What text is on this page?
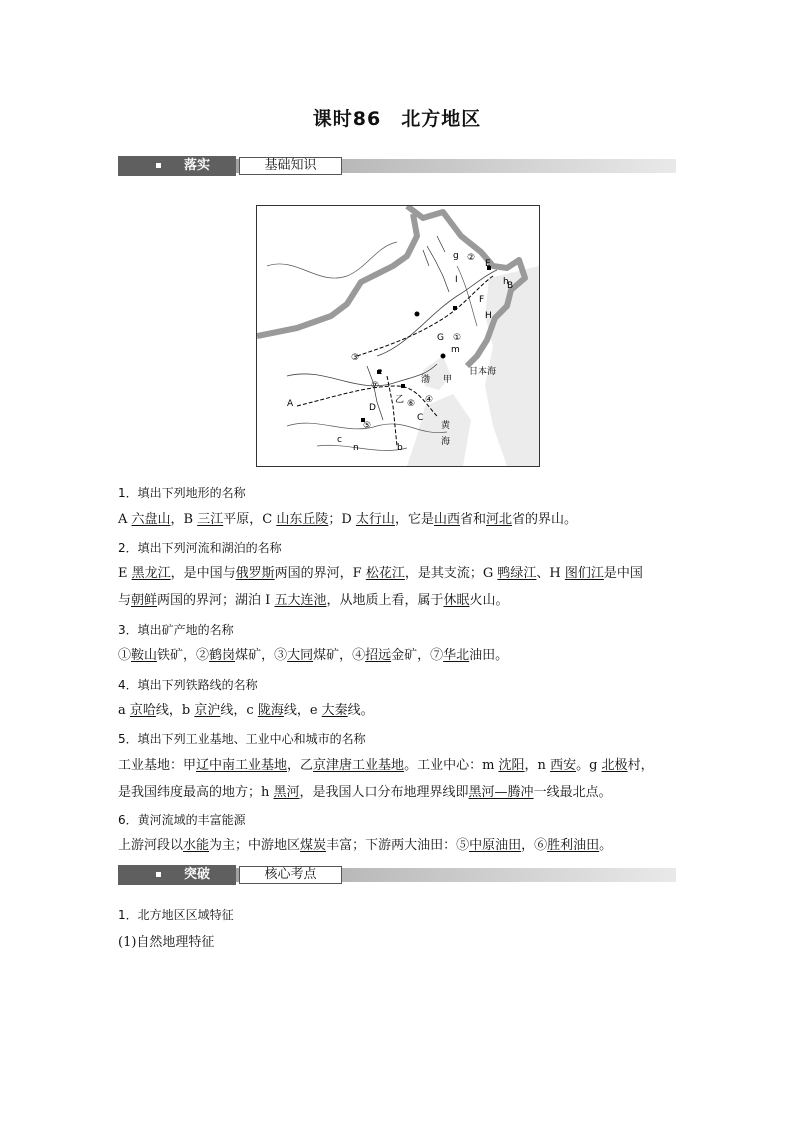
课时86　北方地区
落实	基础知识
g
E
B
F
I
H
h
G
m
甲
渤
乙
日本海
黄
海
C
D
A
b
③
①
②
④
⑤
⑥
⑦
e
c
n
1．填出下列地形的名称
A 六盘山，B 三江平原，C 山东丘陵；D 太行山，它是山西省和河北省的界山。
2．填出下列河流和湖泊的名称
E 黑龙江，是中国与俄罗斯两国的界河，F 松花江，是其支流；G 鸭绿江、H 图们江是中国
与朝鲜两国的界河；湖泊 I 五大连池，从地质上看，属于休眠火山。
3．填出矿产地的名称
①鞍山铁矿，②鹤岗煤矿，③大同煤矿，④招远金矿，⑦华北油田。
4．填出下列铁路线的名称
a 京哈线，b 京沪线，c 陇海线，e 大秦线。
5．填出下列工业基地、工业中心和城市的名称
工业基地：甲辽中南工业基地，乙京津唐工业基地。工业中心：m 沈阳，n 西安。g 北极村，
是我国纬度最高的地方；h 黑河，是我国人口分布地理界线即黑河—腾冲一线最北点。
6．黄河流域的丰富能源
上游河段以水能为主；中游地区煤炭丰富；下游两大油田：⑤中原油田，⑥胜利油田。
突破	核心考点
1．北方地区区域特征
(1)自然地理特征
